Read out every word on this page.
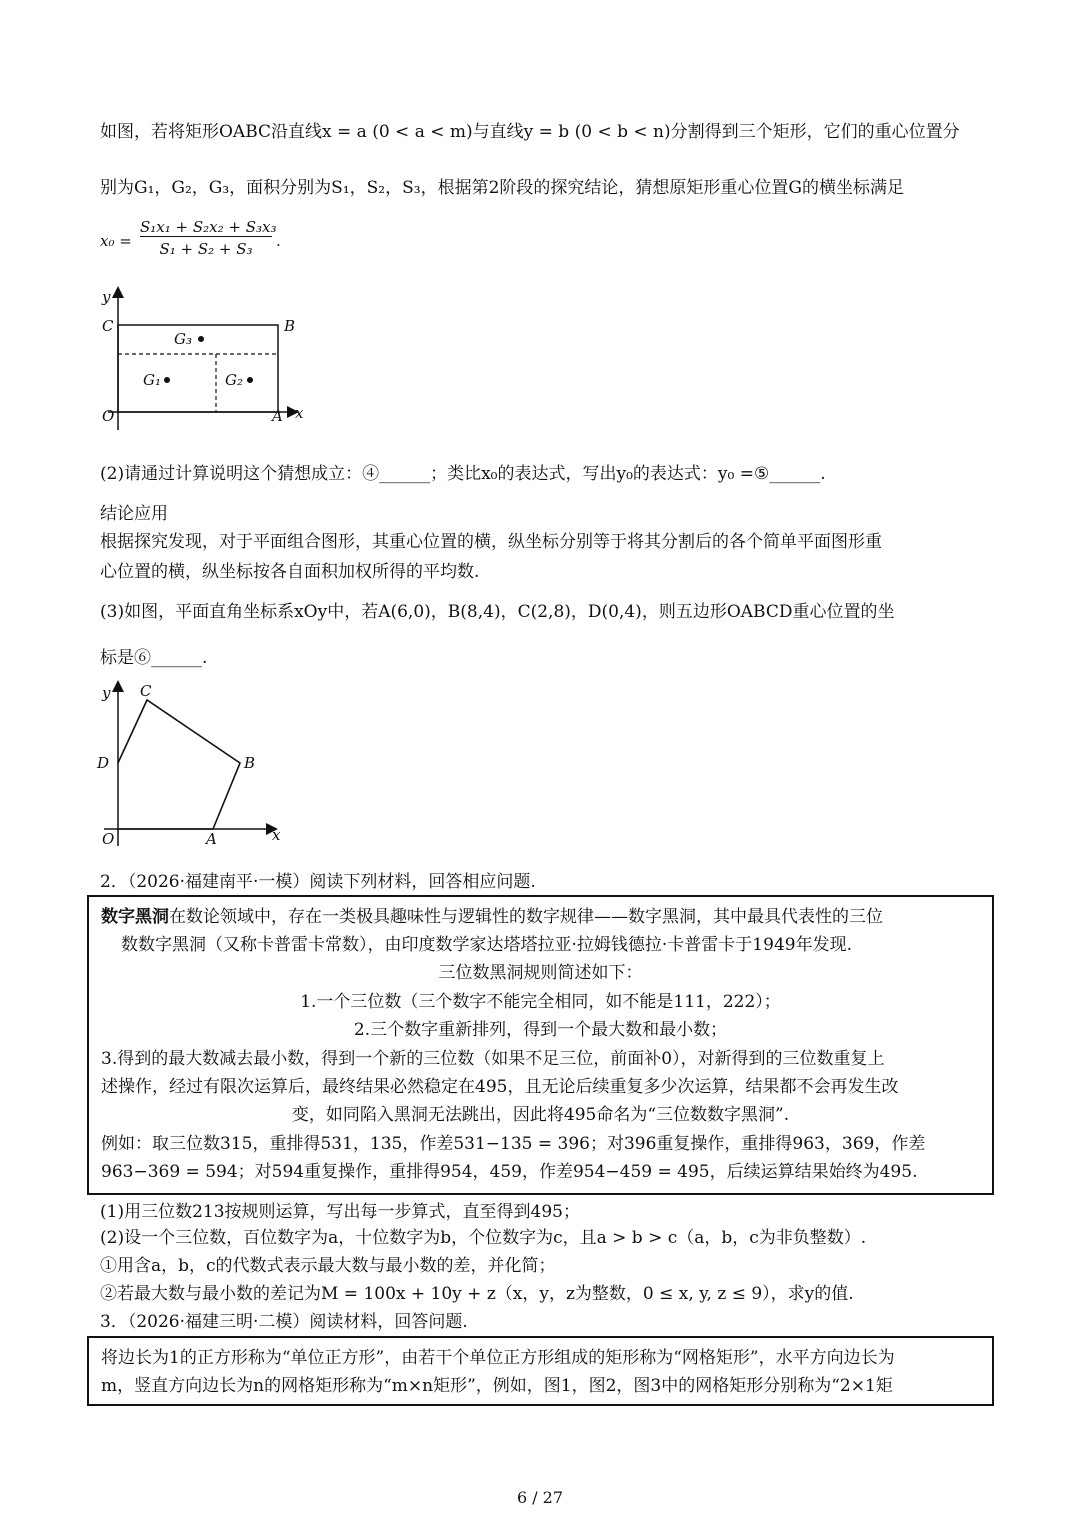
如图，若将矩形OABC沿直线x = a (0 < a < m)与直线y = b (0 < b < n)分割得到三个矩形，它们的重心位置分
别为G₁，G₂，G₃，面积分别为S₁，S₂，S₃，根据第2阶段的探究结论，猜想原矩形重心位置G的横坐标满足
x₀ =
S₁x₁ + S₂x₂ + S₃x₃
S₁ + S₂ + S₃	.
y
C	B
O	A x
G₃
G₁	G₂
(2)请通过计算说明这个猜想成立：④______；类比x₀的表达式，写出y₀的表达式：y₀ =⑤______.
结论应用
根据探究发现，对于平面组合图形，其重心位置的横，纵坐标分别等于将其分割后的各个简单平面图形重
心位置的横，纵坐标按各自面积加权所得的平均数.
(3)如图，平面直角坐标系xOy中，若A(6,0)，B(8,4)，C(2,8)，D(0,4)，则五边形OABCD重心位置的坐
标是⑥______.
y C
D	B
O	A	x
2．（2026·福建南平·一模）阅读下列材料，回答相应问题.
数字黑洞在数论领域中，存在一类极具趣味性与逻辑性的数字规律——数字黑洞，其中最具代表性的三位
数数字黑洞（又称卡普雷卡常数），由印度数学家达塔塔拉亚·拉姆钱德拉·卡普雷卡于1949年发现.
三位数黑洞规则简述如下：
1.一个三位数（三个数字不能完全相同，如不能是111，222）；
2.三个数字重新排列，得到一个最大数和最小数；
3.得到的最大数减去最小数，得到一个新的三位数（如果不足三位，前面补0），对新得到的三位数重复上
述操作，经过有限次运算后，最终结果必然稳定在495，且无论后续重复多少次运算，结果都不会再发生改
变，如同陷入黑洞无法跳出，因此将495命名为“三位数数字黑洞”.
例如：取三位数315，重排得531，135，作差531−135 = 396；对396重复操作，重排得963，369，作差
963−369 = 594；对594重复操作，重排得954，459，作差954−459 = 495，后续运算结果始终为495.
(1)用三位数213按规则运算，写出每一步算式，直至得到495；
(2)设一个三位数，百位数字为a，十位数字为b，个位数字为c，且a > b > c（a，b，c为非负整数）.
①用含a，b，c的代数式表示最大数与最小数的差，并化简；
②若最大数与最小数的差记为M = 100x + 10y + z（x，y，z为整数，0 ≤ x, y, z ≤ 9），求y的值.
3．（2026·福建三明·二模）阅读材料，回答问题.
将边长为1的正方形称为“单位正方形”，由若干个单位正方形组成的矩形称为“网格矩形”，水平方向边长为
m，竖直方向边长为n的网格矩形称为“m×n矩形”，例如，图1，图2，图3中的网格矩形分别称为“2×1矩
6 / 27
